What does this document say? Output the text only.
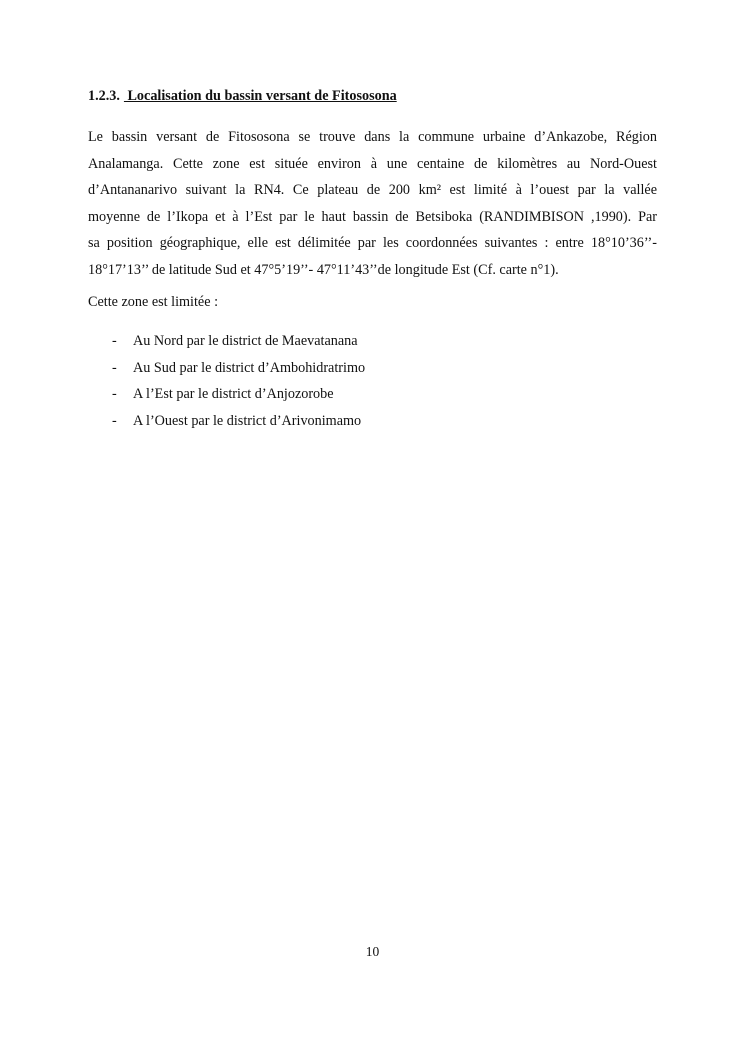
1.2.3. Localisation du bassin versant de Fitososona

Le bassin versant de Fitososona se trouve dans la commune urbaine d’Ankazobe, Région
Analamanga. Cette zone est située environ à une centaine de kilomètres au Nord-Ouest
d’Antananarivo suivant la RN4. Ce plateau de 200 km² est limité à l’ouest par la vallée
moyenne de l’Ikopa et à l’Est par le haut bassin de Betsiboka (RANDIMBISON ,1990). Par
sa position géographique, elle est délimitée par les coordonnées suivantes : entre 18°10’36’’-
18°17’13’’ de latitude Sud et 47°5’19’’- 47°11’43’’de longitude Est (Cf. carte n°1).

Cette zone est limitée :

- Au Nord par le district de Maevatanana
- Au Sud par le district d’Ambohidratrimo
- A l’Est par le district d’Anjozorobe
- A l’Ouest par le district d’Arivonimamo
10
